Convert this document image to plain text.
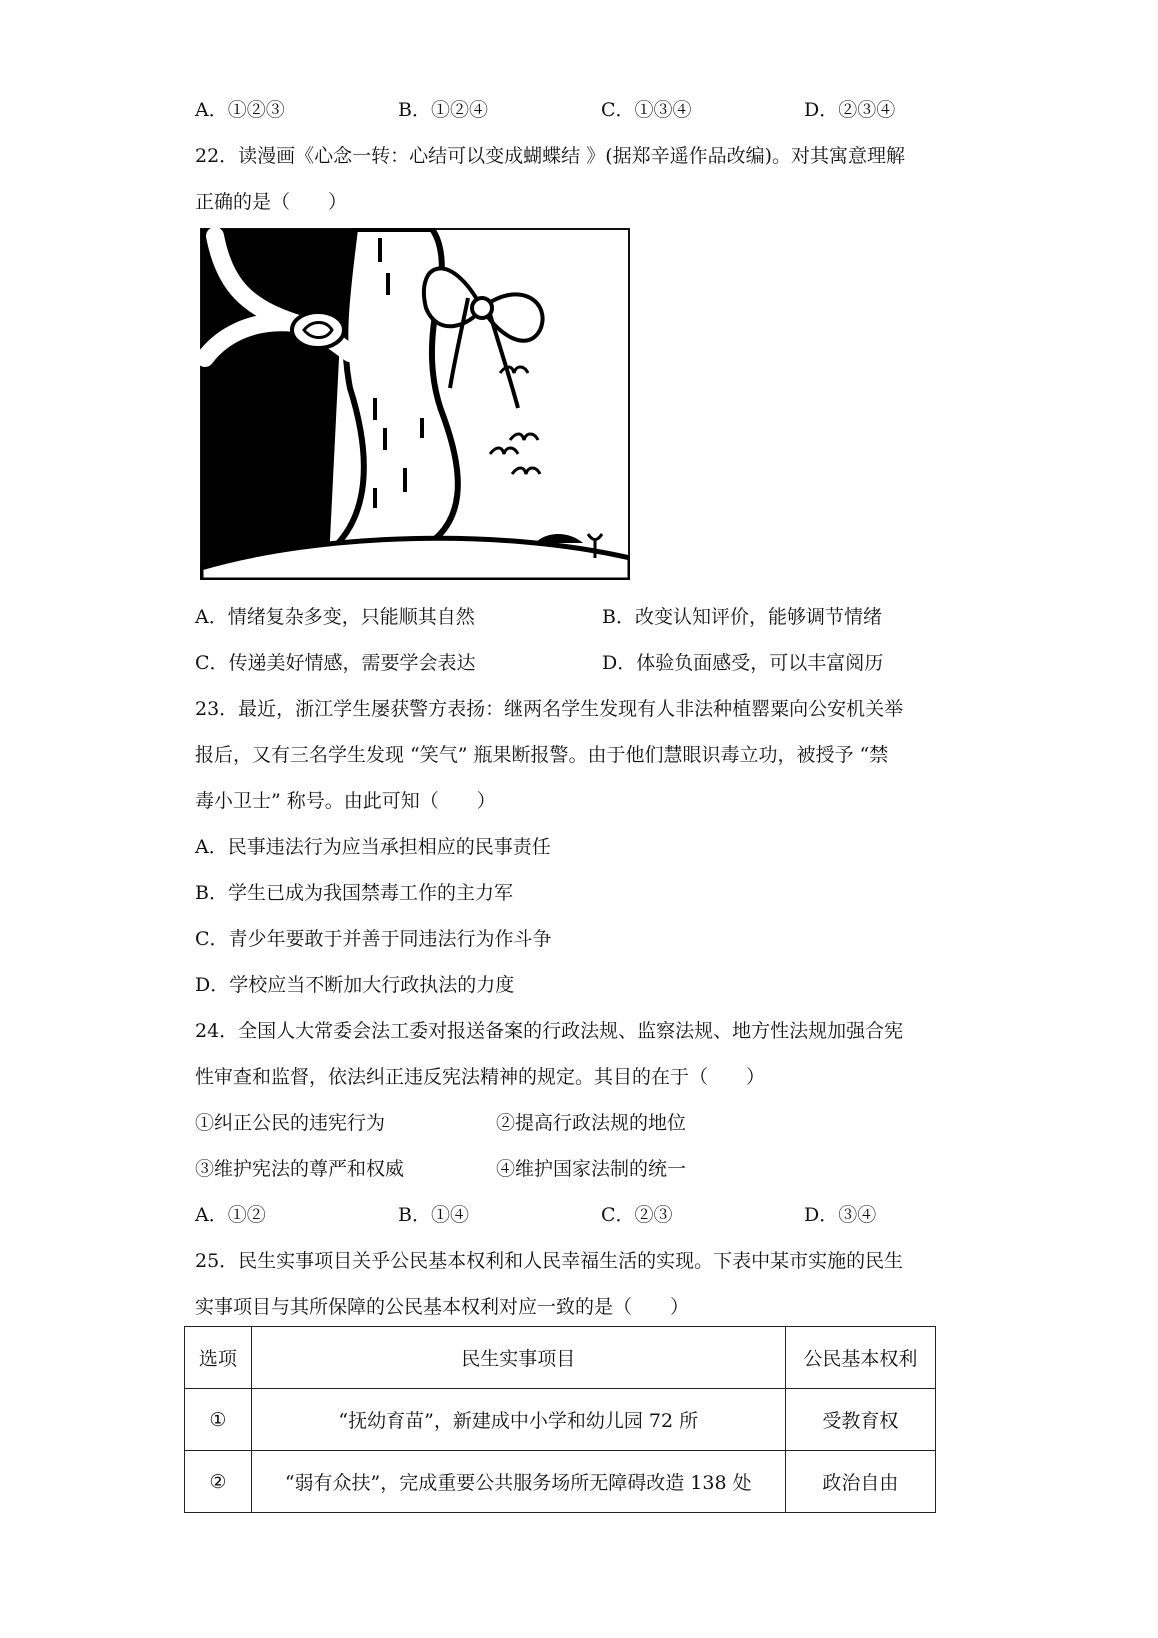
A．①②③	B．①②④	C．①③④	D．②③④
22．读漫画《心念一转：心结可以变成蝴蝶结 》(据郑辛遥作品改编)。对其寓意理解
正确的是（　　）
A．情绪复杂多变，只能顺其自然	B．改变认知评价，能够调节情绪
C．传递美好情感，需要学会表达	D．体验负面感受，可以丰富阅历
23．最近，浙江学生屡获警方表扬：继两名学生发现有人非法种植罂粟向公安机关举
报后，又有三名学生发现 “笑气” 瓶果断报警。由于他们慧眼识毒立功，被授予 “禁
毒小卫士” 称号。由此可知（　　）
A．民事违法行为应当承担相应的民事责任
B．学生已成为我国禁毒工作的主力军
C．青少年要敢于并善于同违法行为作斗争
D．学校应当不断加大行政执法的力度
24．全国人大常委会法工委对报送备案的行政法规、监察法规、地方性法规加强合宪
性审查和监督，依法纠正违反宪法精神的规定。其目的在于（　　）
①纠正公民的违宪行为	②提高行政法规的地位
③维护宪法的尊严和权威	④维护国家法制的统一
A．①②	B．①④	C．②③	D．③④
25．民生实事项目关乎公民基本权利和人民幸福生活的实现。下表中某市实施的民生
实事项目与其所保障的公民基本权利对应一致的是（　　）
选项	民生实事项目	公民基本权利
①	“抚幼育苗”，新建成中小学和幼儿园 72 所	受教育权
②	“弱有众扶”，完成重要公共服务场所无障碍改造 138 处	政治自由
